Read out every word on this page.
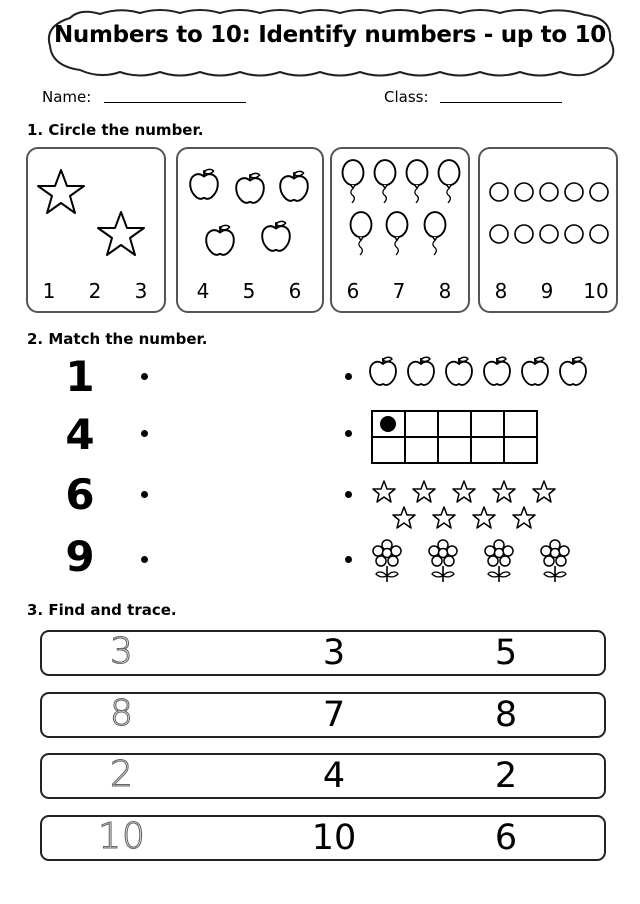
Numbers to 10: Identify numbers - up to 10
Name:	Class:
1. Circle the number.
1	2	3	4	5	6	6	7	8	8	9	10
2. Match the number.
1
4
6
9
3. Find and trace.
3	3	5
8	7	8
2	4	2
10	10	6
